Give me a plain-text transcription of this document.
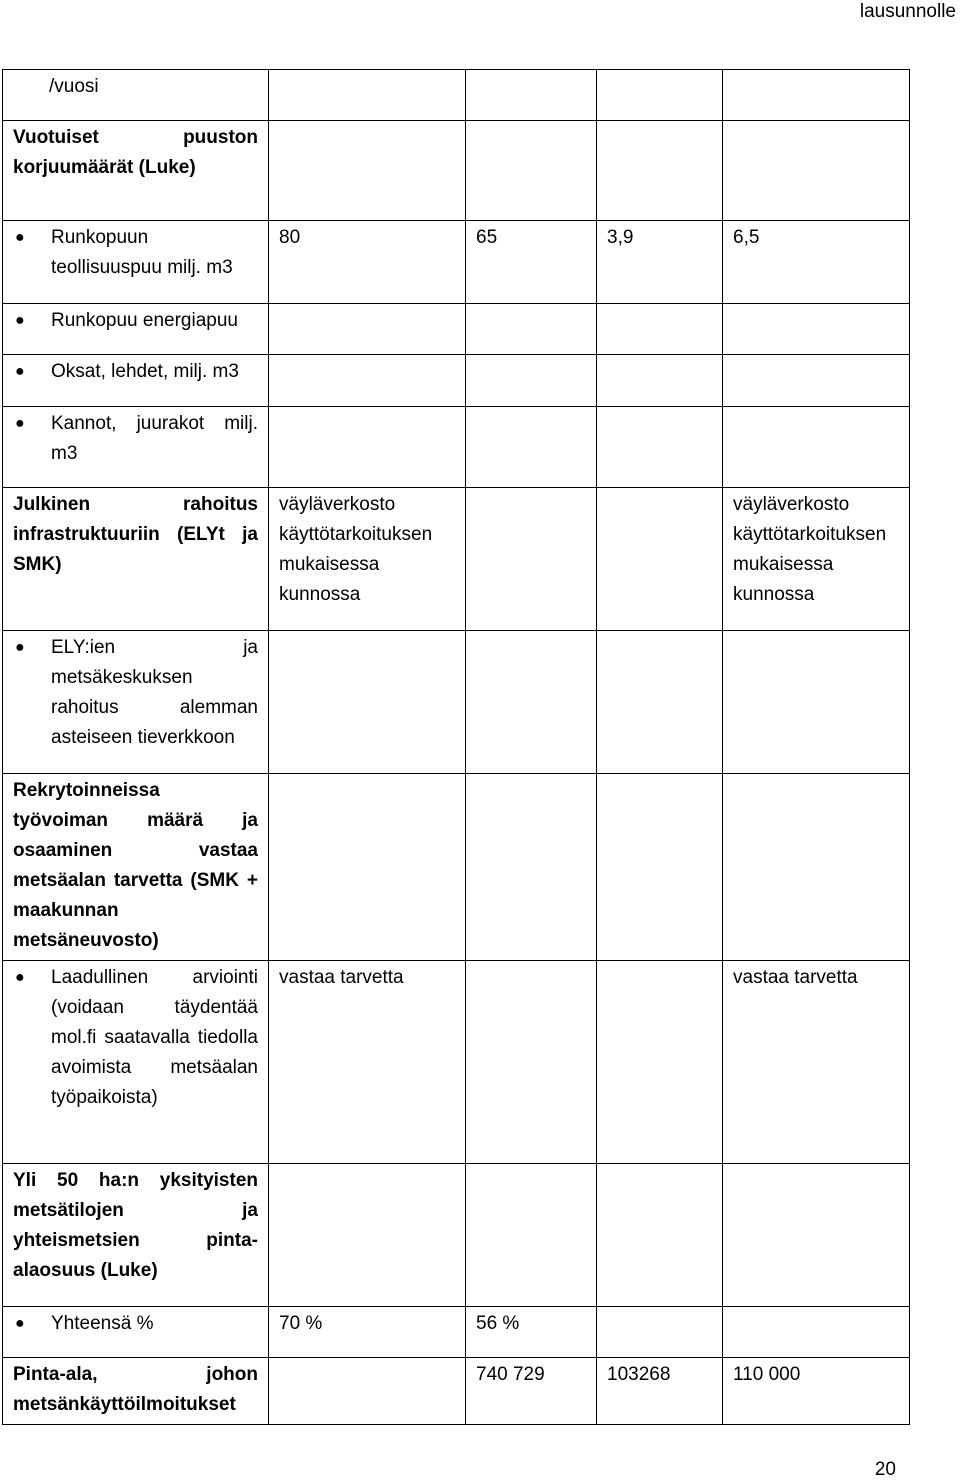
lausunnolle
/vuosi				

Vuotuiset puuston korjuumäärät (Luke)				

● Runkopuun teollisuuspuu milj. m3	80	65	3,9	6,5

● Runkopuu energiapuu				

● Oksat, lehdet, milj. m3				

● Kannot, juurakot milj. m3				

Julkinen rahoitus infrastruktuuriin (ELYt ja SMK)	väyläverkosto käyttötarkoituksen mukaisessa kunnossa			väyläverkosto käyttötarkoituksen mukaisessa kunnossa

● ELY:ien ja metsäkeskuksen rahoitus alemman asteiseen tieverkkoon				

Rekrytoinneissa työvoiman määrä ja osaaminen vastaa metsäalan tarvetta (SMK + maakunnan metsäneuvosto)				

● Laadullinen arviointi (voidaan täydentää mol.fi saatavalla tiedolla avoimista metsäalan työpaikoista)	vastaa tarvetta			vastaa tarvetta

Yli 50 ha:n yksityisten metsätilojen ja yhteismetsien pinta-alaosuus (Luke)				

● Yhteensä %	70 %	56 %		

Pinta-ala, johon metsänkäyttöilmoitukset		740 729	103268	110 000
20
